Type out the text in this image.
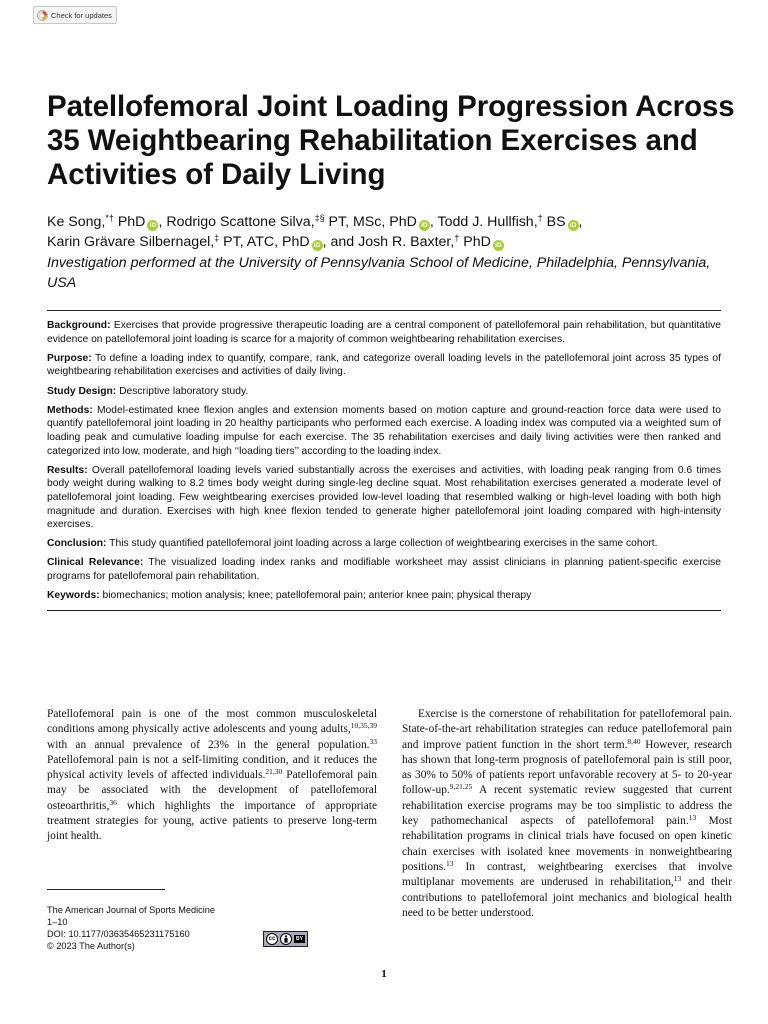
Check for updates
Patellofemoral Joint Loading Progression Across 35 Weightbearing Rehabilitation Exercises and Activities of Daily Living
Ke Song,*† PhD iD , Rodrigo Scattone Silva,‡§ PT, MSc, PhD iD , Todd J. Hullfish,† BS iD ,
Karin Grävare Silbernagel,‡ PT, ATC, PhD iD , and Josh R. Baxter,† PhD iD
Investigation performed at the University of Pennsylvania School of Medicine, Philadelphia, Pennsylvania, USA

Background: Exercises that provide progressive therapeutic loading are a central component of patellofemoral pain rehabilitation, but quantitative evidence on patellofemoral joint loading is scarce for a majority of common weightbearing rehabilitation exercises.

Purpose: To define a loading index to quantify, compare, rank, and categorize overall loading levels in the patellofemoral joint across 35 types of weightbearing rehabilitation exercises and activities of daily living.

Study Design: Descriptive laboratory study.

Methods: Model-estimated knee flexion angles and extension moments based on motion capture and ground-reaction force data were used to quantify patellofemoral joint loading in 20 healthy participants who performed each exercise. A loading index was computed via a weighted sum of loading peak and cumulative loading impulse for each exercise. The 35 rehabilitation exercises and daily living activities were then ranked and categorized into low, moderate, and high ‘‘loading tiers’’ according to the loading index.

Results: Overall patellofemoral loading levels varied substantially across the exercises and activities, with loading peak ranging from 0.6 times body weight during walking to 8.2 times body weight during single-leg decline squat. Most rehabilitation exercises generated a moderate level of patellofemoral joint loading. Few weightbearing exercises provided low-level loading that resembled walking or high-level loading with both high magnitude and duration. Exercises with high knee flexion tended to generate higher patellofemoral joint loading compared with high-intensity exercises.

Conclusion: This study quantified patellofemoral joint loading across a large collection of weightbearing exercises in the same cohort.

Clinical Relevance: The visualized loading index ranks and modifiable worksheet may assist clinicians in planning patient-specific exercise programs for patellofemoral pain rehabilitation.

Keywords: biomechanics; motion analysis; knee; patellofemoral pain; anterior knee pain; physical therapy

Patellofemoral pain is one of the most common musculoskeletal conditions among physically active adolescents and young adults,$^{10,35,39}$ with an annual prevalence of 23% in the general population.$^{33}$ Patellofemoral pain is not a self-limiting condition, and it reduces the physical activity levels of affected individuals.$^{21,30}$ Patellofemoral pain may be associated with the development of patellofemoral osteoarthritis,$^{36}$ which highlights the importance of appropriate treatment strategies for young, active patients to preserve long-term joint health.

Exercise is the cornerstone of rehabilitation for patellofemoral pain. State-of-the-art rehabilitation strategies can reduce patellofemoral pain and improve patient function in the short term.$^{8,40}$ However, research has shown that long-term prognosis of patellofemoral pain is still poor, as 30% to 50% of patients report unfavorable recovery at 5- to 20-year follow-up.$^{9,21,25}$ A recent systematic review suggested that current rehabilitation exercise programs may be too simplistic to address the key pathomechanical aspects of patellofemoral pain.$^{13}$ Most rehabilitation programs in clinical trials have focused on open kinetic chain exercises with isolated knee movements in nonweightbearing positions.$^{13}$ In contrast, weightbearing exercises that involve multiplanar movements are underused in rehabilitation,$^{13}$ and their contributions to patellofemoral joint mechanics and biological health need to be better understood.

The American Journal of Sports Medicine
1–10
DOI: 10.1177/03635465231175160
© 2023 The Author(s)
cc	BY
1
